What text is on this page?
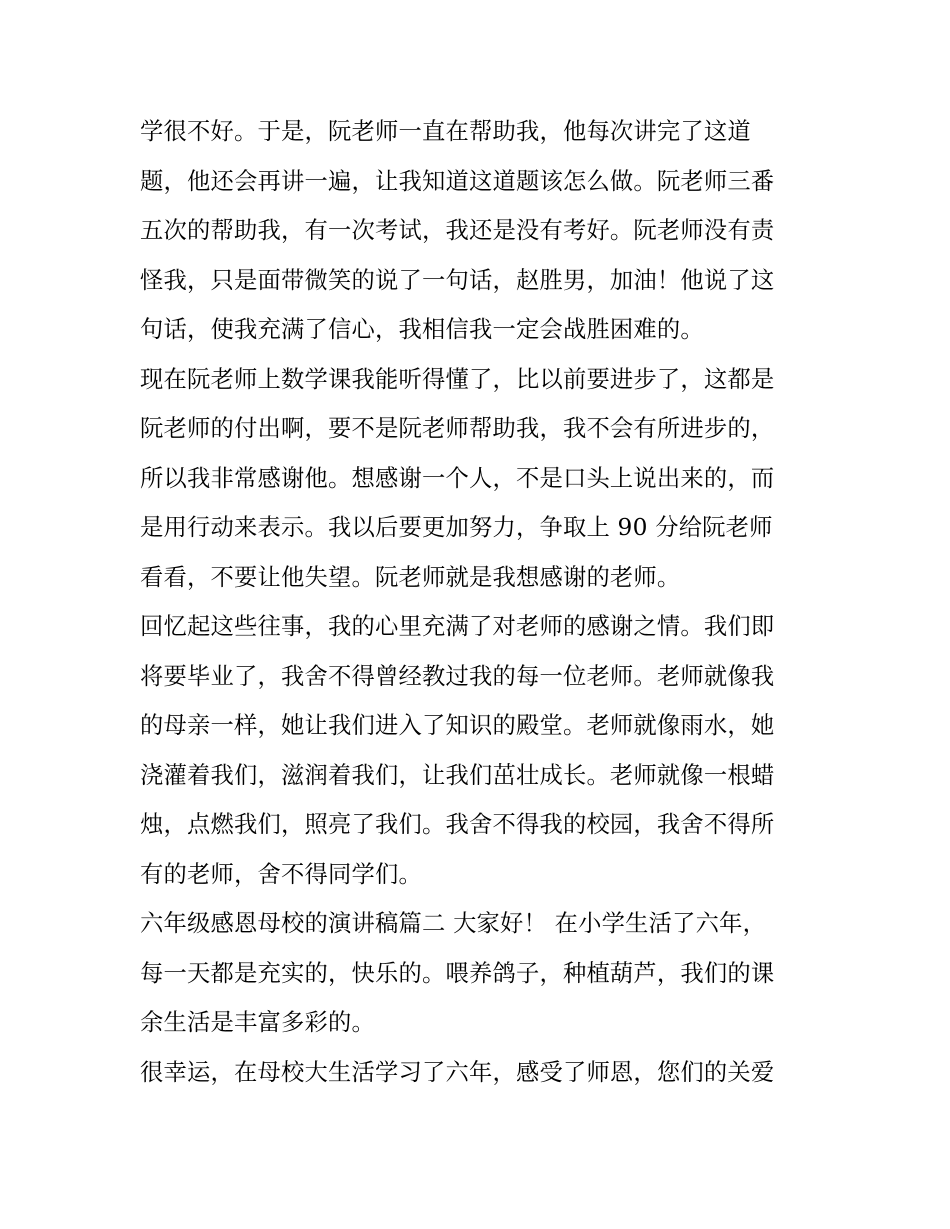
学很不好。于是，阮老师一直在帮助我，他每次讲完了这道
题，他还会再讲一遍，让我知道这道题该怎么做。阮老师三番
五次的帮助我，有一次考试，我还是没有考好。阮老师没有责
怪我，只是面带微笑的说了一句话，赵胜男，加油！他说了这
句话，使我充满了信心，我相信我一定会战胜困难的。
现在阮老师上数学课我能听得懂了，比以前要进步了，这都是
阮老师的付出啊，要不是阮老师帮助我，我不会有所进步的，
所以我非常感谢他。想感谢一个人，不是口头上说出来的，而
是用行动来表示。我以后要更加努力，争取上 90 分给阮老师
看看，不要让他失望。阮老师就是我想感谢的老师。
回忆起这些往事，我的心里充满了对老师的感谢之情。我们即
将要毕业了，我舍不得曾经教过我的每一位老师。老师就像我
的母亲一样，她让我们进入了知识的殿堂。老师就像雨水，她
浇灌着我们，滋润着我们，让我们茁壮成长。老师就像一根蜡
烛，点燃我们，照亮了我们。我舍不得我的校园，我舍不得所
有的老师，舍不得同学们。
六年级感恩母校的演讲稿篇二 大家好！ 在小学生活了六年，
每一天都是充实的，快乐的。喂养鸽子，种植葫芦，我们的课
余生活是丰富多彩的。
很幸运，在母校大生活学习了六年，感受了师恩，您们的关爱
